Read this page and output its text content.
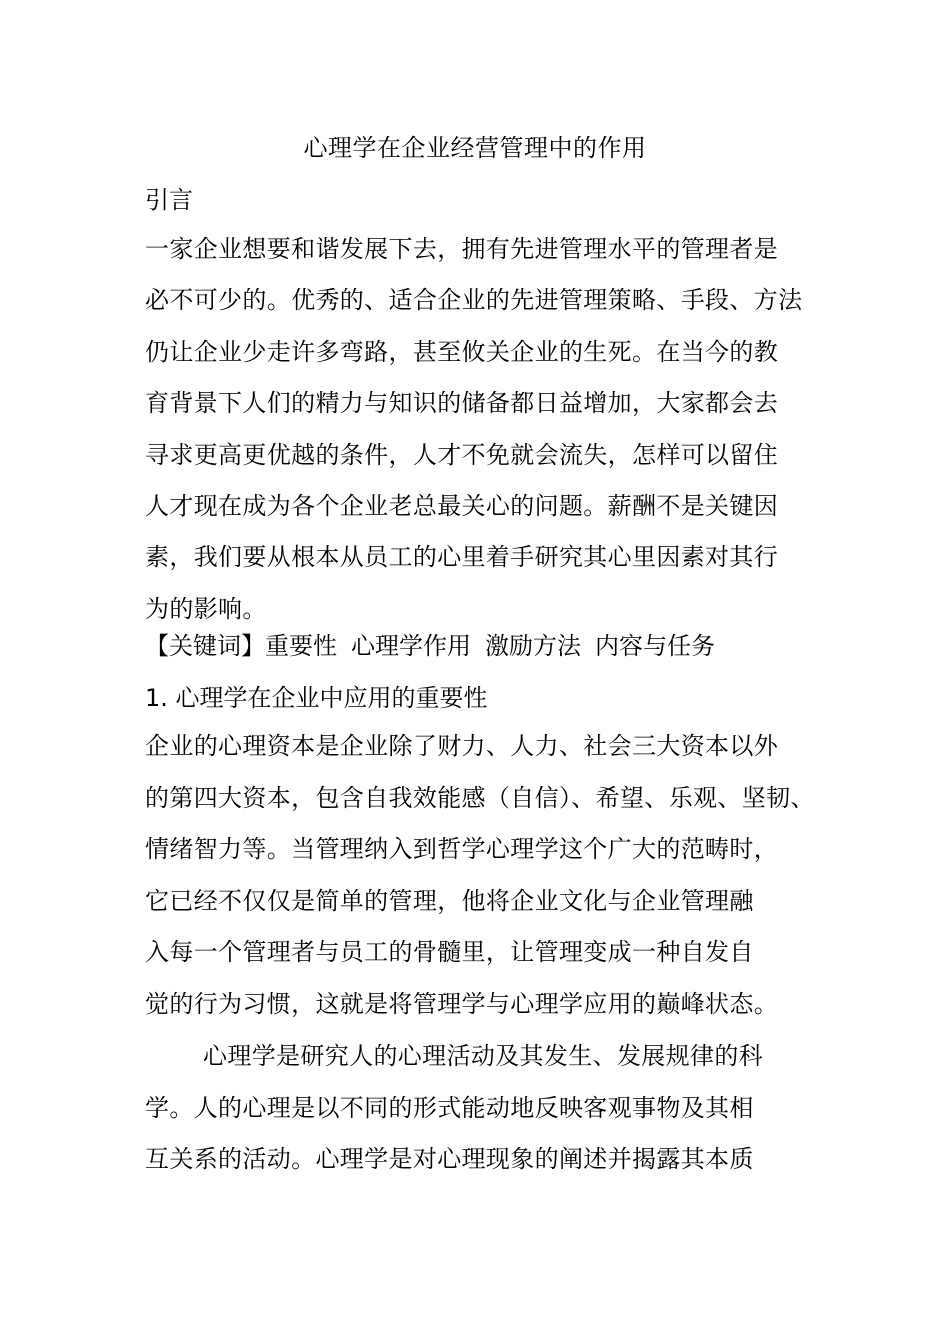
心理学在企业经营管理中的作用
引言
一家企业想要和谐发展下去，拥有先进管理水平的管理者是
必不可少的。优秀的、适合企业的先进管理策略、手段、方法
仍让企业少走许多弯路，甚至攸关企业的生死。在当今的教
育背景下人们的精力与知识的储备都日益增加，大家都会去
寻求更高更优越的条件，人才不免就会流失，怎样可以留住
人才现在成为各个企业老总最关心的问题。薪酬不是关键因
素，我们要从根本从员工的心里着手研究其心里因素对其行
为的影响。
【关键词】重要性 心理学作用 激励方法 内容与任务
1. 心理学在企业中应用的重要性
企业的心理资本是企业除了财力、人力、社会三大资本以外
的第四大资本，包含自我效能感（自信）、希望、乐观、坚韧、
情绪智力等。当管理纳入到哲学心理学这个广大的范畴时，
它已经不仅仅是简单的管理，他将企业文化与企业管理融
入每一个管理者与员工的骨髓里，让管理变成一种自发自
觉的行为习惯，这就是将管理学与心理学应用的巅峰状态。
心理学是研究人的心理活动及其发生、发展规律的科
学。人的心理是以不同的形式能动地反映客观事物及其相
互关系的活动。心理学是对心理现象的阐述并揭露其本质
